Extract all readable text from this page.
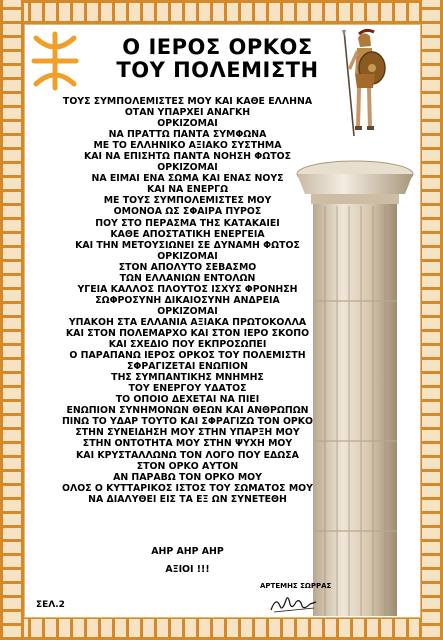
Ο ΙΕΡΟΣ ΟΡΚΟΣ
ΤΟΥ ΠΟΛΕΜΙΣΤΗ
ΤΟΥΣ ΣΥΜΠΟΛΕΜΙΣΤΕΣ ΜΟΥ ΚΑΙ ΚΑΘΕ ΕΛΛΗΝΑ
ΟΤΑΝ ΥΠΑΡΧΕΙ ΑΝΑΓΚΗ
ΟΡΚΙΖΟΜΑΙ
ΝΑ ΠΡΑΤΤΩ ΠΑΝΤΑ ΣΥΜΦΩΝΑ
ΜΕ ΤΟ ΕΛΛΗΝΙΚΟ ΑΞΙΑΚΟ ΣΥΣΤΗΜΑ
ΚΑΙ ΝΑ ΕΠΙΣΗΤΩ ΠΑΝΤΑ ΝΟΗΣΗ ΦΩΤΟΣ
ΟΡΚΙΖΟΜΑΙ
ΝΑ ΕΙΜΑΙ ΕΝΑ ΣΩΜΑ ΚΑΙ ΕΝΑΣ ΝΟΥΣ
ΚΑΙ ΝΑ ΕΝΕΡΓΩ
ΜΕ ΤΟΥΣ ΣΥΜΠΟΛΕΜΙΣΤΕΣ ΜΟΥ
ΟΜΟΝΟΑ ΩΣ ΣΦΑΙΡΑ ΠΥΡΟΣ
ΠΟΥ ΣΤΟ ΠΕΡΑΣΜΑ ΤΗΣ ΚΑΤΑΚΑΙΕΙ
ΚΑΘΕ ΑΠΟΣΤΑΤΙΚΗ ΕΝΕΡΓΕΙΑ
ΚΑΙ ΤΗΝ ΜΕΤΟΥΣΙΩΝΕΙ ΣΕ ΔΥΝΑΜΗ ΦΩΤΟΣ
ΟΡΚΙΖΟΜΑΙ
ΣΤΟΝ ΑΠΟΛΥΤΟ ΣΕΒΑΣΜΟ
ΤΩΝ ΕΛΛΑΝΙΩΝ ΕΝΤΟΛΩΝ
ΥΓΕΙΑ ΚΑΛΛΟΣ ΠΛΟΥΤΟΣ ΙΣΧΥΣ ΦΡΟΝΗΣΗ
ΣΩΦΡΟΣΥΝΗ ΔΙΚΑΙΟΣΥΝΗ ΑΝΔΡΕΙΑ
ΟΡΚΙΖΟΜΑΙ
ΥΠΑΚΟΗ ΣΤΑ ΕΛΛΑΝΙΑ ΑΞΙΑΚΑ ΠΡΩΤΟΚΟΛΛΑ
ΚΑΙ ΣΤΟΝ ΠΟΛΕΜΑΡΧΟ ΚΑΙ ΣΤΟΝ ΙΕΡΟ ΣΚΟΠΟ
ΚΑΙ ΣΧΕΔΙΟ ΠΟΥ ΕΚΠΡΟΣΩΠΕΙ
Ο ΠΑΡΑΠΑΝΩ ΙΕΡΟΣ ΟΡΚΟΣ ΤΟΥ ΠΟΛΕΜΙΣΤΗ
ΣΦΡΑΓΙΖΕΤΑΙ ΕΝΩΠΙΟΝ
ΤΗΣ ΣΥΜΠΑΝΤΙΚΗΣ ΜΝΗΜΗΣ
ΤΟΥ ΕΝΕΡΓΟΥ ΥΔΑΤΟΣ
ΤΟ ΟΠΟΙΟ ΔΕΧΕΤΑΙ ΝΑ ΠΙΕΙ
ΕΝΩΠΙΟΝ ΣΥΝΗΜΟΝΩΝ ΘΕΩΝ ΚΑΙ ΑΝΘΡΩΠΩΝ
ΠΙΝΩ ΤΟ ΥΔΑΡ ΤΟΥΤΟ ΚΑΙ ΣΦΡΑΓΙΖΩ ΤΟΝ ΟΡΚΟ
ΣΤΗΝ ΣΥΝΕΙΔΗΣΗ ΜΟΥ ΣΤΗΝ ΥΠΑΡΞΗ ΜΟΥ
ΣΤΗΝ ΟΝΤΟΤΗΤΑ ΜΟΥ ΣΤΗΝ ΨΥΧΗ ΜΟΥ
ΚΑΙ ΚΡΥΣΤΑΛΛΩΝΩ ΤΟΝ ΛΟΓΟ ΠΟΥ ΕΔΩΣΑ
ΣΤΟΝ ΟΡΚΟ ΑΥΤΟΝ
ΑΝ ΠΑΡΑΒΩ ΤΟΝ ΟΡΚΟ ΜΟΥ
ΟΛΟΣ Ο ΚΥΤΤΑΡΙΚΟΣ ΙΣΤΟΣ ΤΟΥ ΣΩΜΑΤΟΣ ΜΟΥ
ΝΑ ΔΙΑΛΥΘΕΙ ΕΙΣ ΤΑ ΕΞ ΩΝ ΣΥΝΕΤΕΘΗ
ΑΗΡ ΑΗΡ ΑΗΡ
ΑΞΙΟΙ !!!
ΑΡΤΕΜΗΣ ΣΩΡΡΑΣ
ΣΕΛ.2
